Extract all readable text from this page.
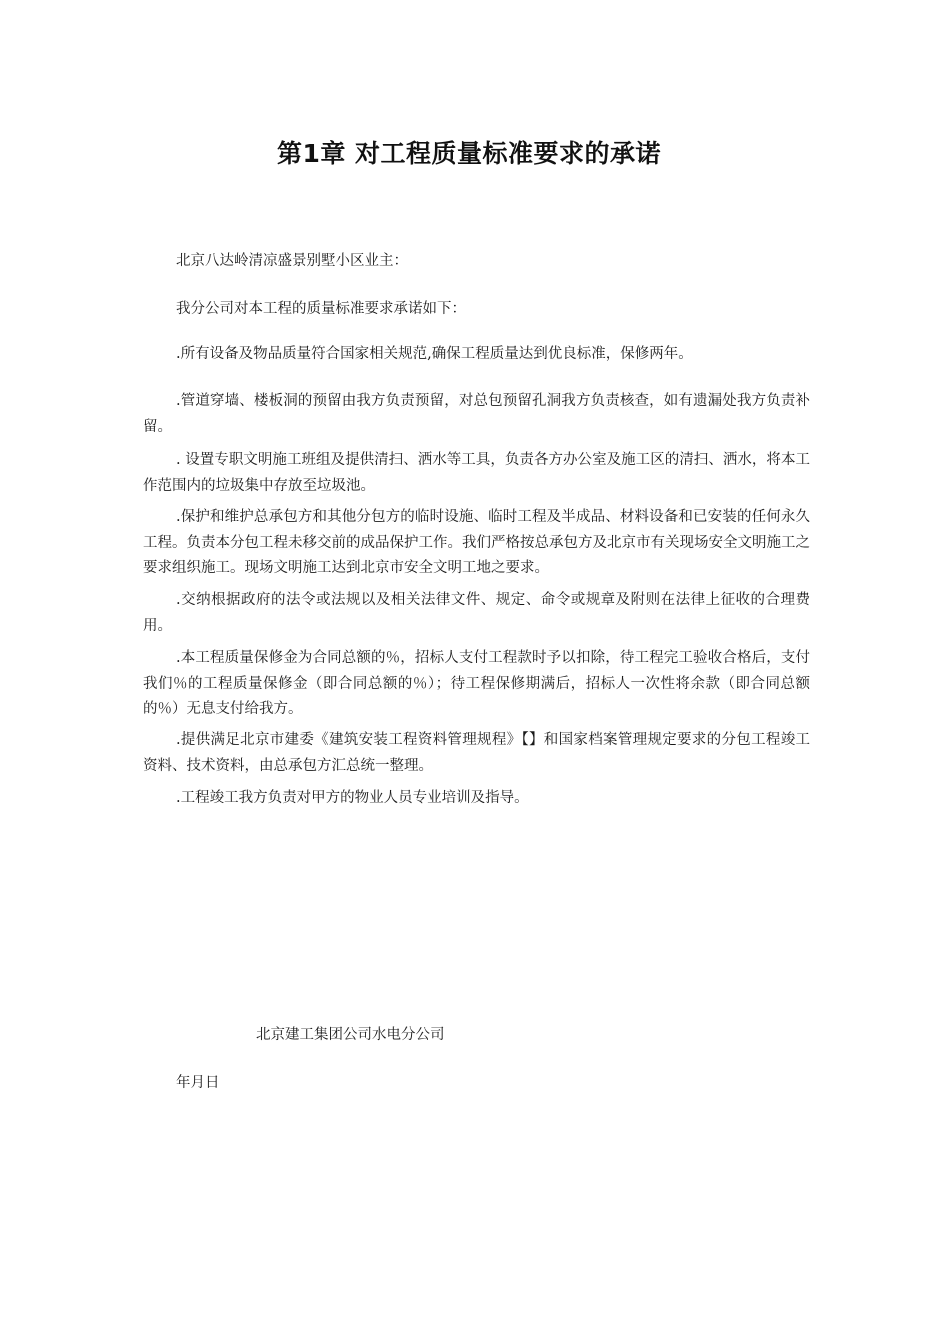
第1章 对工程质量标准要求的承诺
北京八达岭清凉盛景别墅小区业主：
我分公司对本工程的质量标准要求承诺如下：
.所有设备及物品质量符合国家相关规范,确保工程质量达到优良标准，保修两年。
.管道穿墙、楼板洞的预留由我方负责预留，对总包预留孔洞我方负责核查，如有遗漏处我方负责补留。
. 设置专职文明施工班组及提供清扫、洒水等工具，负责各方办公室及施工区的清扫、洒水，将本工作范围内的垃圾集中存放至垃圾池。
.保护和维护总承包方和其他分包方的临时设施、临时工程及半成品、材料设备和已安装的任何永久工程。负责本分包工程未移交前的成品保护工作。我们严格按总承包方及北京市有关现场安全文明施工之要求组织施工。现场文明施工达到北京市安全文明工地之要求。
.交纳根据政府的法令或法规以及相关法律文件、规定、命令或规章及附则在法律上征收的合理费用。
.本工程质量保修金为合同总额的％，招标人支付工程款时予以扣除，待工程完工验收合格后，支付我们％的工程质量保修金（即合同总额的％）；待工程保修期满后，招标人一次性将余款（即合同总额的％）无息支付给我方。
.提供满足北京市建委《建筑安装工程资料管理规程》【】和国家档案管理规定要求的分包工程竣工资料、技术资料，由总承包方汇总统一整理。
.工程竣工我方负责对甲方的物业人员专业培训及指导。
北京建工集团公司水电分公司
年月日
